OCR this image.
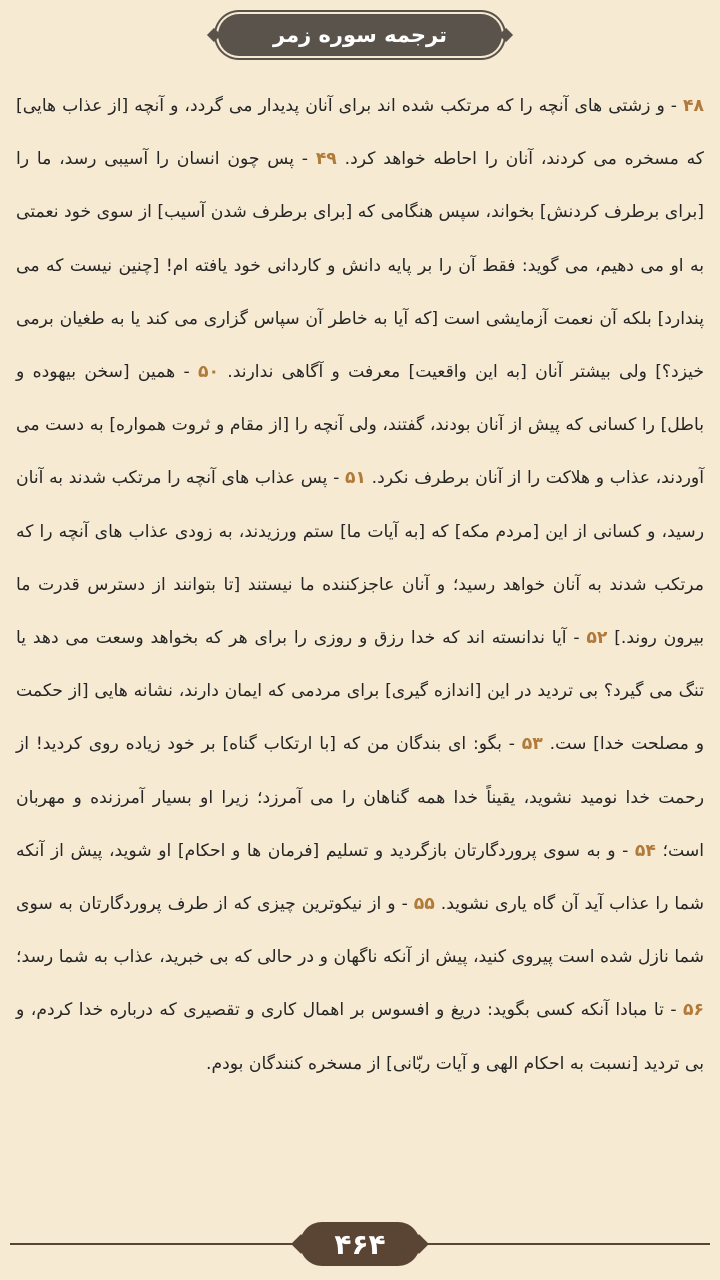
ترجمه سوره زمر
۴۸ - و زشتی های آنچه را که مرتکب شده اند برای آنان پدیدار می گردد، و آنچه [از عذاب هایی] که مسخره می کردند، آنان را احاطه خواهد کرد. ۴۹ - پس چون انسان را آسیبی رسد، ما را [برای برطرف کردنش] بخواند، سپس هنگامی که [برای برطرف شدن آسیب] از سوی خود نعمتی به او می دهیم، می گوید: فقط آن را بر پایه دانش و کاردانی خود یافته ام! [چنین نیست که می پندارد] بلکه آن نعمت آزمایشی است [که آیا به خاطر آن سپاس گزاری می کند یا به طغیان برمی خیزد؟] ولی بیشتر آنان [به این واقعیت] معرفت و آگاهی ندارند. ۵۰ - همین [سخن بیهوده و باطل] را کسانی که پیش از آنان بودند، گفتند، ولی آنچه را [از مقام و ثروت همواره] به دست می آوردند، عذاب و هلاکت را از آنان برطرف نکرد. ۵۱ - پس عذاب های آنچه را مرتکب شدند به آنان رسید، و کسانی از این [مردم مکه] که [به آیات ما] ستم ورزیدند، به زودی عذاب های آنچه را که مرتکب شدند به آنان خواهد رسید؛ و آنان عاجزکننده ما نیستند [تا بتوانند از دسترس قدرت ما بیرون روند.] ۵۲ - آیا ندانسته اند که خدا رزق و روزی را برای هر که بخواهد وسعت می دهد یا تنگ می گیرد؟ بی تردید در این [اندازه گیری] برای مردمی که ایمان دارند، نشانه هایی [از حکمت و مصلحت خدا] ست. ۵۳ - بگو: ای بندگان من که [با ارتکاب گناه] بر خود زیاده روی کردید! از رحمت خدا نومید نشوید، یقیناً خدا همه گناهان را می آمرزد؛ زیرا او بسیار آمرزنده و مهربان است؛ ۵۴ - و به سوی پروردگارتان بازگردید و تسلیم [فرمان ها و احکام] او شوید، پیش از آنکه شما را عذاب آید آن گاه یاری نشوید. ۵۵ - و از نیکوترین چیزی که از طرف پروردگارتان به سوی شما نازل شده است پیروی کنید، پیش از آنکه ناگهان و در حالی که بی خبرید، عذاب به شما رسد؛ ۵۶ - تا مبادا آنکه کسی بگوید: دریغ و افسوس بر اهمال کاری و تقصیری که درباره خدا کردم، و بی تردید [نسبت به احکام الهی و آیات ربّانی] از مسخره کنندگان بودم.
۴۶۴
